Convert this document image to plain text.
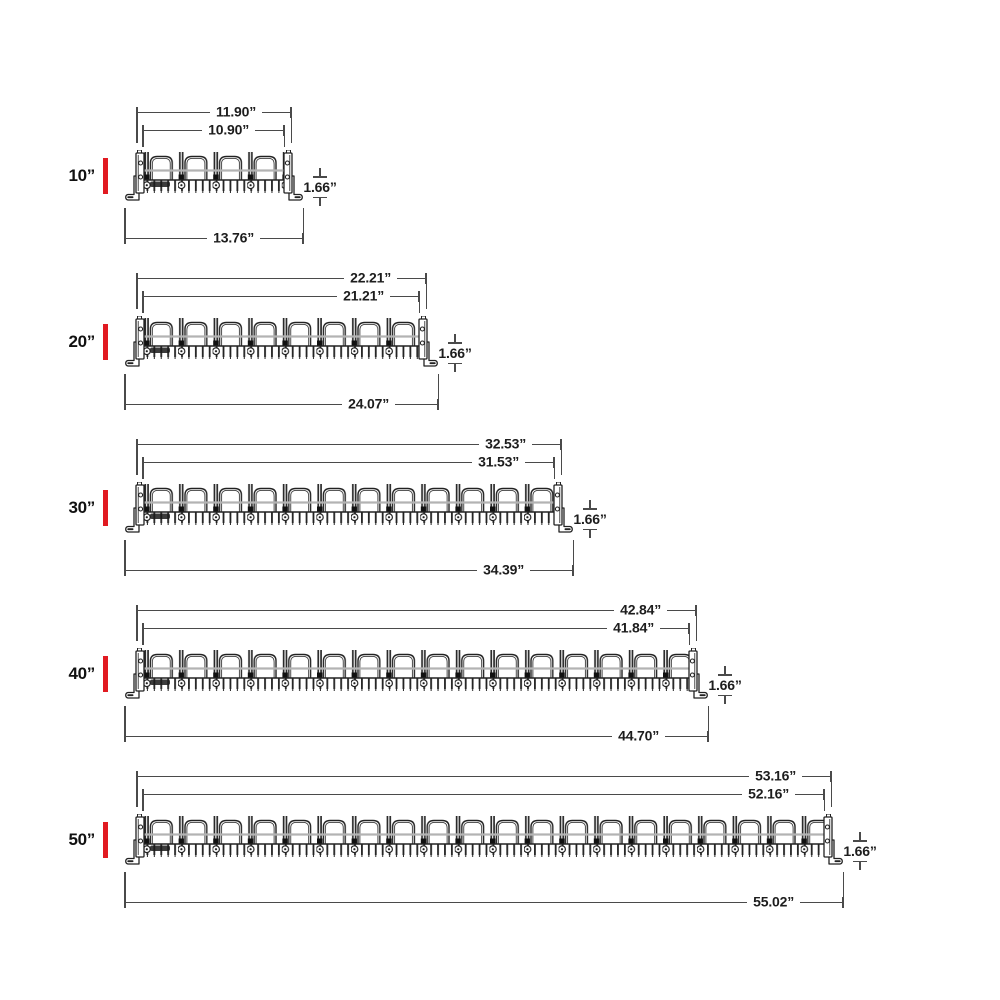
10”
11.90”
10.90”
1.66”
13.76”
20”
22.21”
21.21”
1.66”
24.07”
30”
32.53”
31.53”
1.66”
34.39”
40”
42.84”
41.84”
1.66”
44.70”
50”
53.16”
52.16”
1.66”
55.02”
